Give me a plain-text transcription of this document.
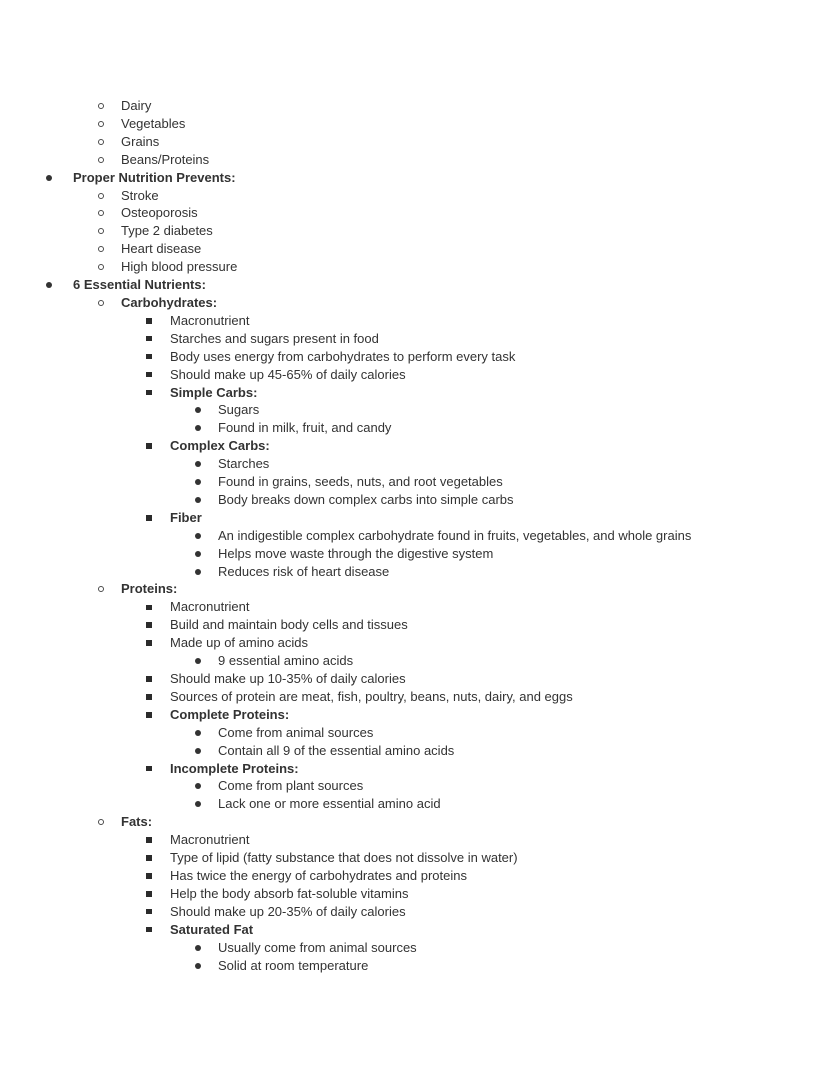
Dairy
Vegetables
Grains
Beans/Proteins
Proper Nutrition Prevents:
Stroke
Osteoporosis
Type 2 diabetes
Heart disease
High blood pressure
6 Essential Nutrients:
Carbohydrates:
Macronutrient
Starches and sugars present in food
Body uses energy from carbohydrates to perform every task
Should make up 45-65% of daily calories
Simple Carbs:
Sugars
Found in milk, fruit, and candy
Complex Carbs:
Starches
Found in grains, seeds, nuts, and root vegetables
Body breaks down complex carbs into simple carbs
Fiber
An indigestible complex carbohydrate found in fruits, vegetables, and whole grains
Helps move waste through the digestive system
Reduces risk of heart disease
Proteins:
Macronutrient
Build and maintain body cells and tissues
Made up of amino acids
9 essential amino acids
Should make up 10-35% of daily calories
Sources of protein are meat, fish, poultry, beans, nuts, dairy, and eggs
Complete Proteins:
Come from animal sources
Contain all 9 of the essential amino acids
Incomplete Proteins:
Come from plant sources
Lack one or more essential amino acid
Fats:
Macronutrient
Type of lipid (fatty substance that does not dissolve in water)
Has twice the energy of carbohydrates and proteins
Help the body absorb fat-soluble vitamins
Should make up 20-35% of daily calories
Saturated Fat
Usually come from animal sources
Solid at room temperature
